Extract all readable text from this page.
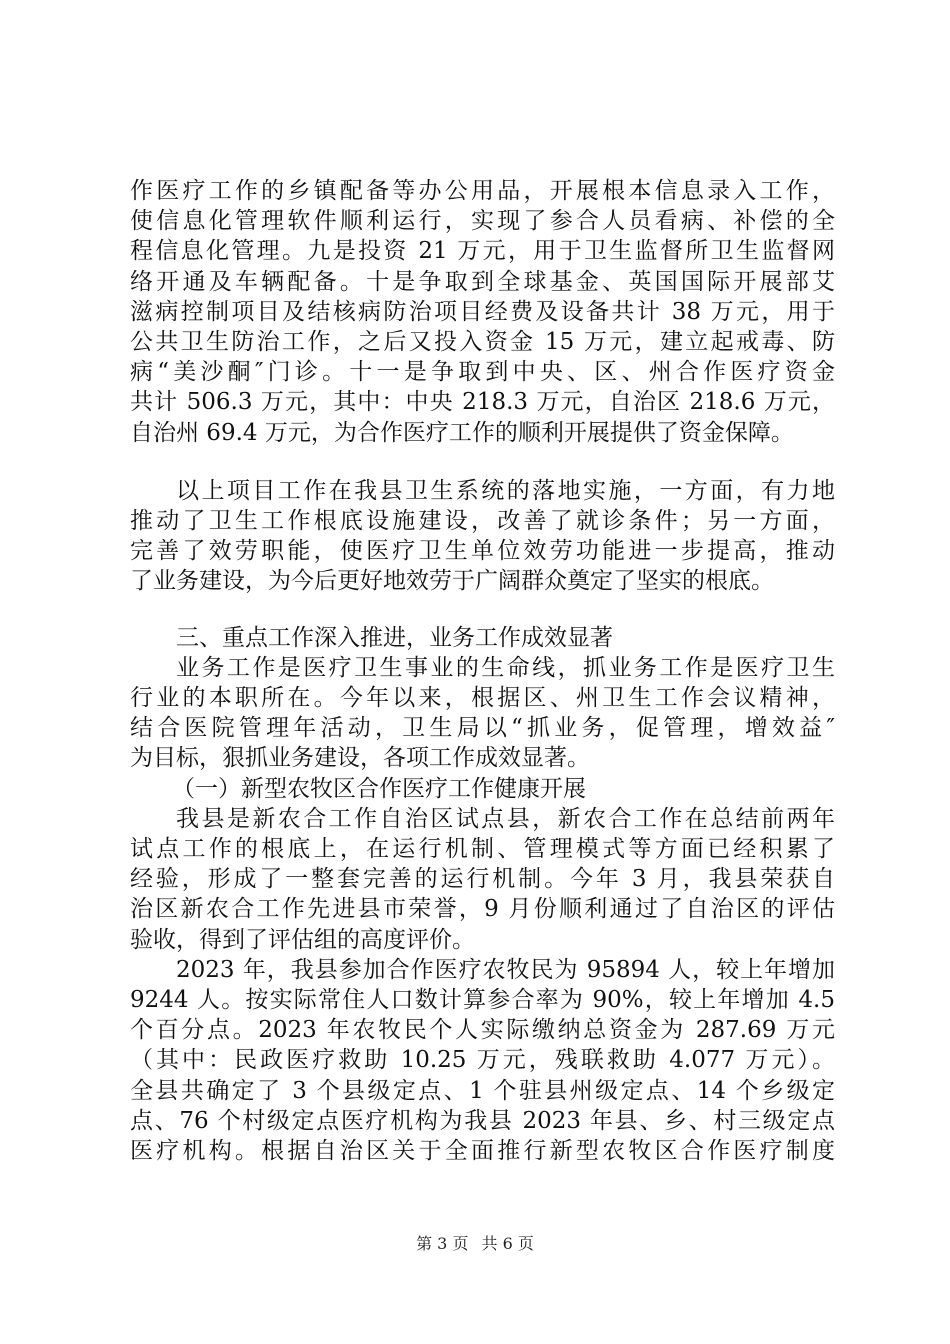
作医疗工作的乡镇配备等办公用品，开展根本信息录入工作，
使信息化管理软件顺利运行，实现了参合人员看病、补偿的全
程信息化管理。九是投资 21 万元，用于卫生监督所卫生监督网
络开通及车辆配备。十是争取到全球基金、英国国际开展部艾
滋病控制项目及结核病防治项目经费及设备共计 38 万元，用于
公共卫生防治工作，之后又投入资金 15 万元，建立起戒毒、防
病“美沙酮″门诊。十一是争取到中央、区、州合作医疗资金
共计 506.3 万元，其中：中央 218.3 万元，自治区 218.6 万元，
自治州 69.4 万元，为合作医疗工作的顺利开展提供了资金保障。
以上项目工作在我县卫生系统的落地实施，一方面，有力地
推动了卫生工作根底设施建设，改善了就诊条件；另一方面，
完善了效劳职能，使医疗卫生单位效劳功能进一步提高，推动
了业务建设，为今后更好地效劳于广阔群众奠定了坚实的根底。
三、重点工作深入推进，业务工作成效显著
业务工作是医疗卫生事业的生命线，抓业务工作是医疗卫生
行业的本职所在。今年以来，根据区、州卫生工作会议精神，
结合医院管理年活动，卫生局以“抓业务，促管理，增效益″
为目标，狠抓业务建设，各项工作成效显著。
（一）新型农牧区合作医疗工作健康开展
我县是新农合工作自治区试点县，新农合工作在总结前两年
试点工作的根底上，在运行机制、管理模式等方面已经积累了
经验，形成了一整套完善的运行机制。今年 3 月，我县荣获自
治区新农合工作先进县市荣誉，9 月份顺利通过了自治区的评估
验收，得到了评估组的高度评价。
2023 年，我县参加合作医疗农牧民为 95894 人，较上年增加
9244 人。按实际常住人口数计算参合率为 90%，较上年增加 4.5
个百分点。2023 年农牧民个人实际缴纳总资金为 287.69 万元
（其中：民政医疗救助 10.25 万元，残联救助 4.077 万元）。
全县共确定了 3 个县级定点、1 个驻县州级定点、14 个乡级定
点、76 个村级定点医疗机构为我县 2023 年县、乡、村三级定点
医疗机构。根据自治区关于全面推行新型农牧区合作医疗制度
第 3 页 共 6 页
